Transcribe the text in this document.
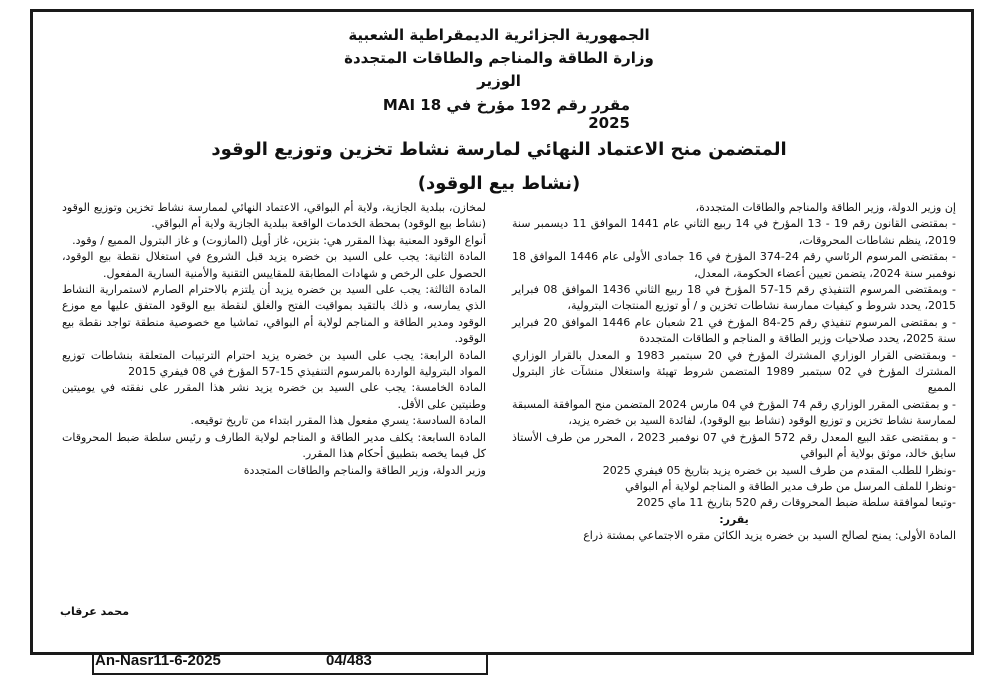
الجمهورية الجزائرية الديمقراطية الشعبية
وزارة الطاقة والمناجم والطاقات المتجددة
الوزير
مقرر رقم 192 مؤرخ في 18 MAI 2025
المتضمن منح الاعتماد النهائي لمارسة نشاط تخزين وتوزيع الوقود
(نشاط بيع الوقود)

إن وزير الدولة، وزير الطاقة والمناجم والطاقات المتجددة،

- بمقتضى القانون رقم 19 - 13 المؤرخ في 14 ربيع الثاني عام 1441 الموافق 11 ديسمبر سنة 2019، ينظم نشاطات المحروقات،

- بمقتضى المرسوم الرئاسي رقم 24-374 المؤرخ في 16 جمادى الأولى عام 1446 الموافق 18 نوفمبر سنة 2024، يتضمن تعيين أعضاء الحكومة، المعدل،

- وبمقتضى المرسوم التنفيذي رقم 15-57 المؤرخ في 18 ربيع الثاني 1436 الموافق 08 فبراير 2015، يحدد شروط و كيفيات ممارسة نشاطات تخزين و / أو توزيع المنتجات البترولية،

- و بمقتضى المرسوم تنفيذي رقم 25-84 المؤرخ في 21 شعبان عام 1446 الموافق 20 فبراير سنة 2025، يحدد صلاحيات وزير الطاقة و المناجم و الطاقات المتجددة

- وبمقتضى القرار الوزاري المشترك المؤرخ في 20 سبتمبر 1983 و المعدل بالقرار الوزاري المشترك المؤرخ في 02 سبتمبر 1989 المتضمن شروط تهيئة واستغلال منشآت غاز البترول المميع

- و بمقتضى المقرر الوزاري رقم 74 المؤرخ في 04 مارس 2024 المتضمن منح الموافقة المسبقة لممارسة نشاط تخزين و توزيع الوقود (نشاط بيع الوقود)، لفائدة السيد بن خضره يزيد،

- و بمقتضى عقد البيع المعدل رقم 572 المؤرخ في 07 نوفمبر 2023 ، المحرر من طرف الأستاذ سايق خالد، موثق بولاية أم البواقي

-ونظرا للطلب المقدم من طرف السيد بن خضره يزيد بتاريخ 05 فيفري 2025

-ونظرا للملف المرسل من طرف مدير الطاقة و المناجم لولاية أم البواقي

-وتبعا لموافقة سلطة ضبط المحروقات رقم 520 بتاريخ 11 ماي 2025

يقرر:

المادة الأولى: يمنح لصالح السيد بن خضره يزيد الكائن مقره الاجتماعي بمشتة ذراع

لمخازن، ببلدية الجازية، ولاية أم البواقي، الاعتماد النهائي لممارسة نشاط تخزين وتوزيع الوقود (نشاط بيع الوقود) بمحطة الخدمات الواقعة ببلدية الجازية ولاية أم البواقي.

أنواع الوقود المعنية بهذا المقرر هي: بنزين، غاز أويل (المازوت) و غاز البترول المميع / وقود.

المادة الثانية: يجب على السيد بن خضره يزيد قبل الشروع في استغلال نقطة بيع الوقود، الحصول على الرخص و شهادات المطابقة للمقاييس التقنية والأمنية السارية المفعول.

المادة الثالثة: يجب على السيد بن خضره يزيد أن يلتزم بالاحترام الصارم لاستمرارية النشاط الذي يمارسه، و ذلك بالتقيد بمواقيت الفتح والغلق لنقطة بيع الوقود المتفق عليها مع موزع الوقود ومدير الطاقة و المناجم لولاية أم البواقي، تماشيا مع خصوصية منطقة تواجد نقطة بيع الوقود.

المادة الرابعة: يجب على السيد بن خضره يزيد احترام الترتيبات المتعلقة بنشاطات توزيع المواد البترولية الواردة بالمرسوم التنفيذي 15-57 المؤرخ في 08 فيفري 2015

المادة الخامسة: يجب على السيد بن خضره يزيد نشر هذا المقرر على نفقته في يوميتين وطنيتين على الأقل.

المادة السادسة: يسري مفعول هذا المقرر ابتداء من تاريخ توقيعه.

المادة السابعة: يكلف مدير الطاقة و المناجم لولاية الطارف و رئيس سلطة ضبط المحروقات كل فيما يخصه بتطبيق أحكام هذا المقرر.

وزير الدولة، وزير الطاقة والمناجم والطاقات المتجددة

محمد عرقاب
An-Nasr11-6-2025	04/483
